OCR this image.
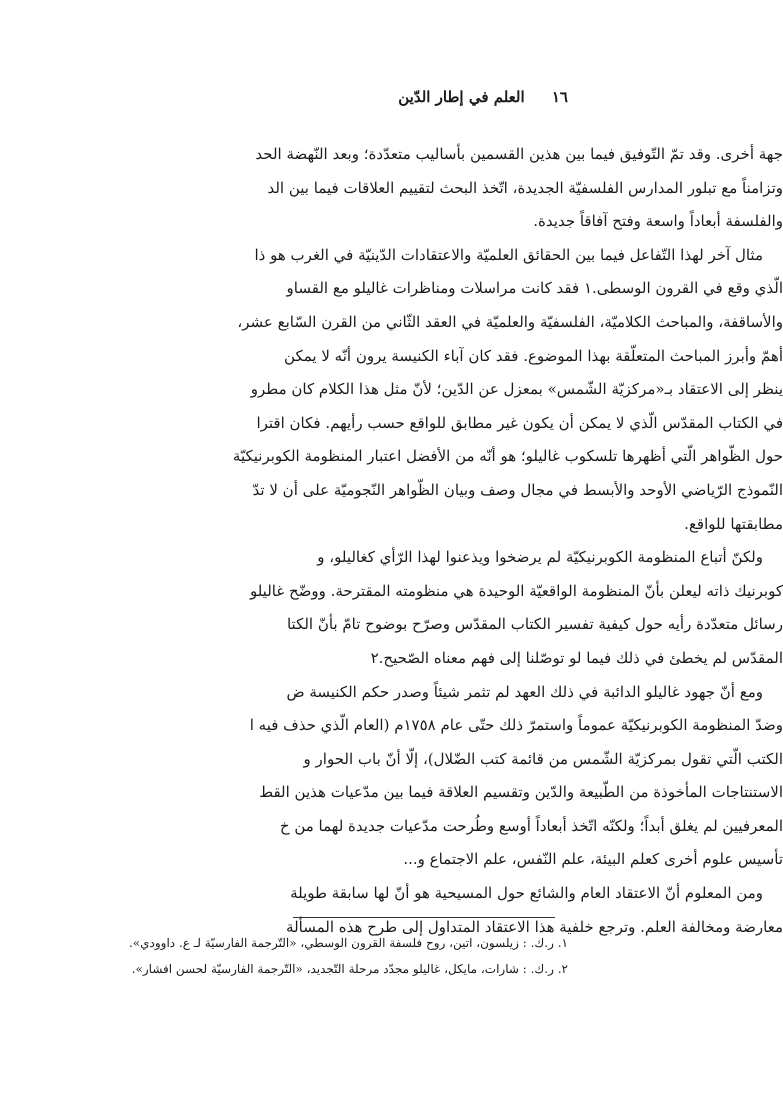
١٦ العلم في إطار الدّين
جهة أخرى. وقد تمّ التّوفيق فيما بين هذين القسمين بأساليب متعدّدة؛ وبعد النّهضة الحد
وتزامناً مع تبلور المدارس الفلسفيّة الجديدة، اتّخذ البحث لتقييم العلاقات فيما بين الد
والفلسفة أبعاداً واسعة وفتح آفاقاً جديدة.
مثال آخر لهذا التّفاعل فيما بين الحقائق العلميّة والاعتقادات الدّينيّة في الغرب هو ذا
الّذي وقع في القرون الوسطى.١ فقد كانت مراسلات ومناظرات غاليلو مع القساو
والأساقفة، والمباحث الكلاميّة، الفلسفيّة والعلميّة في العقد الثّاني من القرن السّابع عشر،
أهمّ وأبرز المباحث المتعلّقة بهذا الموضوع. فقد كان آباء الكنيسة يرون أنّه لا يمكن
ينظر إلى الاعتقاد بـ«مركزيّة الشّمس» بمعزل عن الدّين؛ لأنّ مثل هذا الكلام كان مطرو
في الكتاب المقدّس الّذي لا يمكن أن يكون غير مطابق للواقع حسب رأيهم. فكان اقترا
حول الظّواهر الّتي أظهرها تلسكوب غاليلو؛ هو أنّه من الأفضل اعتبار المنظومة الكوبرنيكيّة
النّموذج الرّياضي الأوحد والأبسط في مجال وصف وبيان الظّواهر النّجوميّة على أن لا تدّ
مطابقتها للواقع.
ولكنّ أتباع المنظومة الكوبرنيكيّة لم يرضخوا ويذعنوا لهذا الرّأي كغاليلو، و
كوبرنيك ذاته ليعلن بأنّ المنظومة الواقعيّة الوحيدة هي منظومته المقترحة. ووضّح غاليلو
رسائل متعدّدة رأيه حول كيفية تفسير الكتاب المقدّس وصرّح بوضوح تامّ بأنّ الكتا
المقدّس لم يخطئ في ذلك فيما لو توصّلنا إلى فهم معناه الصّحيح.٢
ومع أنّ جهود غاليلو الدائبة في ذلك العهد لم تثمر شيئاً وصدر حكم الكنيسة ض
وضدّ المنظومة الكوبرنيكيّة عموماً واستمرّ ذلك حتّى عام ١٧٥٨م (العام الّذي حذف فيه ا
الكتب الّتي تقول بمركزيّة الشّمس من قائمة كتب الضّلال)، إلّا أنّ باب الحوار و
الاستنتاجات المأخوذة من الطّبيعة والدّين وتقسيم العلاقة فيما بين مدّعيات هذين القط
المعرفيين لم يغلق أبداً؛ ولكنّه اتّخذ أبعاداً أوسع وطُرحت مدّعيات جديدة لهما من خ
تأسيس علوم أخرى كعلم البيئة، علم النّفس، علم الاجتماع و...
ومن المعلوم أنّ الاعتقاد العام والشائع حول المسيحية هو أنّ لها سابقة طويلة
معارضة ومخالفة العلم. وترجع خلفية هذا الاعتقاد المتداول إلى طرح هذه المسألة
١. ر.ك. : زيلسون، اتين، روح فلسفة القرون الوسطي، «التّرجمة الفارسيّة لـ ع. داوودي».
٢. ر.ك. : شارات، مايكل، غاليلو مجدّد مرحلة التّجديد، «التّرجمة الفارسيّة لحسن افشار».
